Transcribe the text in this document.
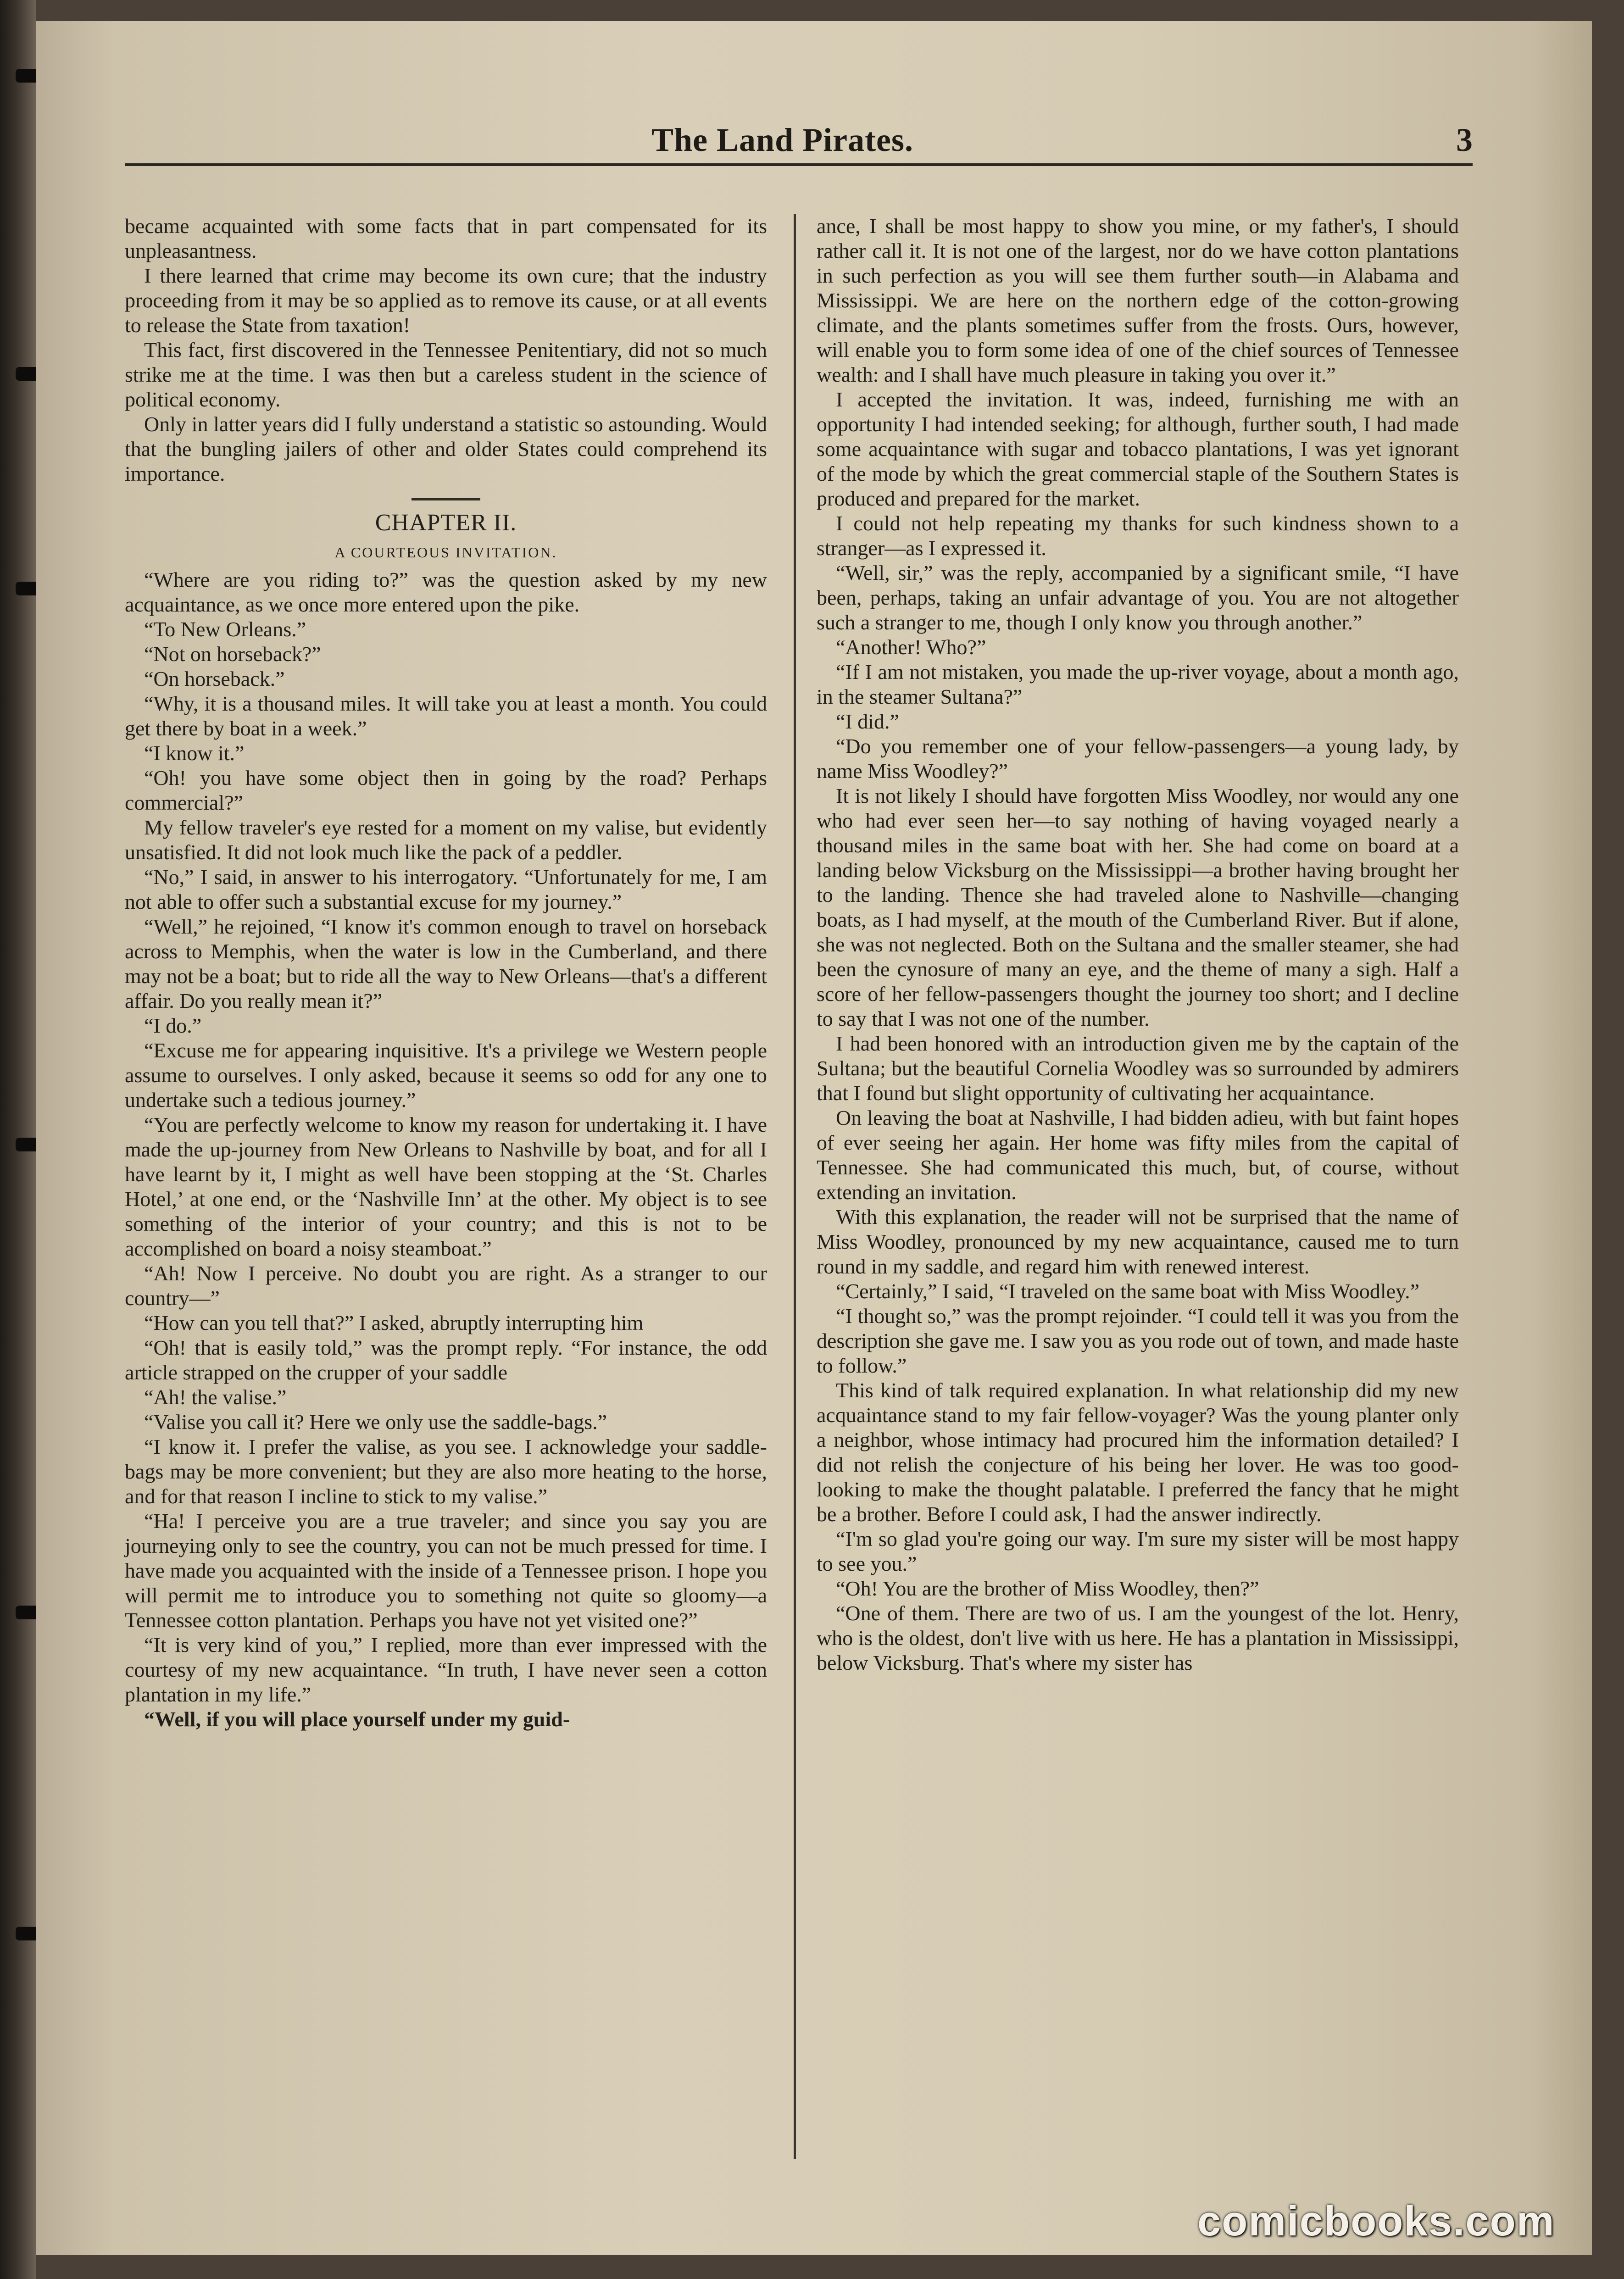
The Land Pirates.	3

became acquainted with some facts that in part compensated for its unpleasantness.

I there learned that crime may become its own cure; that the industry proceeding from it may be so applied as to remove its cause, or at all events to release the State from taxation!

This fact, first discovered in the Tennessee Penitentiary, did not so much strike me at the time. I was then but a careless student in the science of political economy.

Only in latter years did I fully understand a statistic so astounding. Would that the bungling jailers of other and older States could comprehend its importance.

CHAPTER II.

A COURTEOUS INVITATION.

“Where are you riding to?” was the question asked by my new acquaintance, as we once more entered upon the pike.

“To New Orleans.”

“Not on horseback?”

“On horseback.”

“Why, it is a thousand miles. It will take you at least a month. You could get there by boat in a week.”

“I know it.”

“Oh! you have some object then in going by the road? Perhaps commercial?”

My fellow traveler's eye rested for a moment on my valise, but evidently unsatisfied. It did not look much like the pack of a peddler.

“No,” I said, in answer to his interrogatory. “Unfortunately for me, I am not able to offer such a substantial excuse for my journey.”

“Well,” he rejoined, “I know it's common enough to travel on horseback across to Memphis, when the water is low in the Cumberland, and there may not be a boat; but to ride all the way to New Orleans—that's a different affair. Do you really mean it?”

“I do.”

“Excuse me for appearing inquisitive. It's a privilege we Western people assume to ourselves. I only asked, because it seems so odd for any one to undertake such a tedious journey.”

“You are perfectly welcome to know my reason for undertaking it. I have made the up-journey from New Orleans to Nashville by boat, and for all I have learnt by it, I might as well have been stopping at the ‘St. Charles Hotel,’ at one end, or the ‘Nashville Inn’ at the other. My object is to see something of the interior of your country; and this is not to be accomplished on board a noisy steamboat.”

“Ah! Now I perceive. No doubt you are right. As a stranger to our country—”

“How can you tell that?” I asked, abruptly interrupting him

“Oh! that is easily told,” was the prompt reply. “For instance, the odd article strapped on the crupper of your saddle

“Ah! the valise.”

“Valise you call it? Here we only use the saddle-bags.”

“I know it. I prefer the valise, as you see. I acknowledge your saddle-bags may be more convenient; but they are also more heating to the horse, and for that reason I incline to stick to my valise.”

“Ha! I perceive you are a true traveler; and since you say you are journeying only to see the country, you can not be much pressed for time. I have made you acquainted with the inside of a Tennessee prison. I hope you will permit me to introduce you to something not quite so gloomy—a Tennessee cotton plantation. Perhaps you have not yet visited one?”

“It is very kind of you,” I replied, more than ever impressed with the courtesy of my new acquaintance. “In truth, I have never seen a cotton plantation in my life.”

“Well, if you will place yourself under my guid-

ance, I shall be most happy to show you mine, or my father's, I should rather call it. It is not one of the largest, nor do we have cotton plantations in such perfection as you will see them further south—in Alabama and Mississippi. We are here on the northern edge of the cotton-growing climate, and the plants sometimes suffer from the frosts. Ours, however, will enable you to form some idea of one of the chief sources of Tennessee wealth: and I shall have much pleasure in taking you over it.”

I accepted the invitation. It was, indeed, furnishing me with an opportunity I had intended seeking; for although, further south, I had made some acquaintance with sugar and tobacco plantations, I was yet ignorant of the mode by which the great commercial staple of the Southern States is produced and prepared for the market.

I could not help repeating my thanks for such kindness shown to a stranger—as I expressed it.

“Well, sir,” was the reply, accompanied by a significant smile, “I have been, perhaps, taking an unfair advantage of you. You are not altogether such a stranger to me, though I only know you through another.”

“Another! Who?”

“If I am not mistaken, you made the up-river voyage, about a month ago, in the steamer Sultana?”

“I did.”

“Do you remember one of your fellow-passengers—a young lady, by name Miss Woodley?”

It is not likely I should have forgotten Miss Woodley, nor would any one who had ever seen her—to say nothing of having voyaged nearly a thousand miles in the same boat with her. She had come on board at a landing below Vicksburg on the Mississippi—a brother having brought her to the landing. Thence she had traveled alone to Nashville—changing boats, as I had myself, at the mouth of the Cumberland River. But if alone, she was not neglected. Both on the Sultana and the smaller steamer, she had been the cynosure of many an eye, and the theme of many a sigh. Half a score of her fellow-passengers thought the journey too short; and I decline to say that I was not one of the number.

I had been honored with an introduction given me by the captain of the Sultana; but the beautiful Cornelia Woodley was so surrounded by admirers that I found but slight opportunity of cultivating her acquaintance.

On leaving the boat at Nashville, I had bidden adieu, with but faint hopes of ever seeing her again. Her home was fifty miles from the capital of Tennessee. She had communicated this much, but, of course, without extending an invitation.

With this explanation, the reader will not be surprised that the name of Miss Woodley, pronounced by my new acquaintance, caused me to turn round in my saddle, and regard him with renewed interest.

“Certainly,” I said, “I traveled on the same boat with Miss Woodley.”

“I thought so,” was the prompt rejoinder. “I could tell it was you from the description she gave me. I saw you as you rode out of town, and made haste to follow.”

This kind of talk required explanation. In what relationship did my new acquaintance stand to my fair fellow-voyager? Was the young planter only a neighbor, whose intimacy had procured him the information detailed? I did not relish the conjecture of his being her lover. He was too good-looking to make the thought palatable. I preferred the fancy that he might be a brother. Before I could ask, I had the answer indirectly.

“I'm so glad you're going our way. I'm sure my sister will be most happy to see you.”

“Oh! You are the brother of Miss Woodley, then?”

“One of them. There are two of us. I am the youngest of the lot. Henry, who is the oldest, don't live with us here. He has a plantation in Mississippi, below Vicksburg. That's where my sister has

comicbooks.com
